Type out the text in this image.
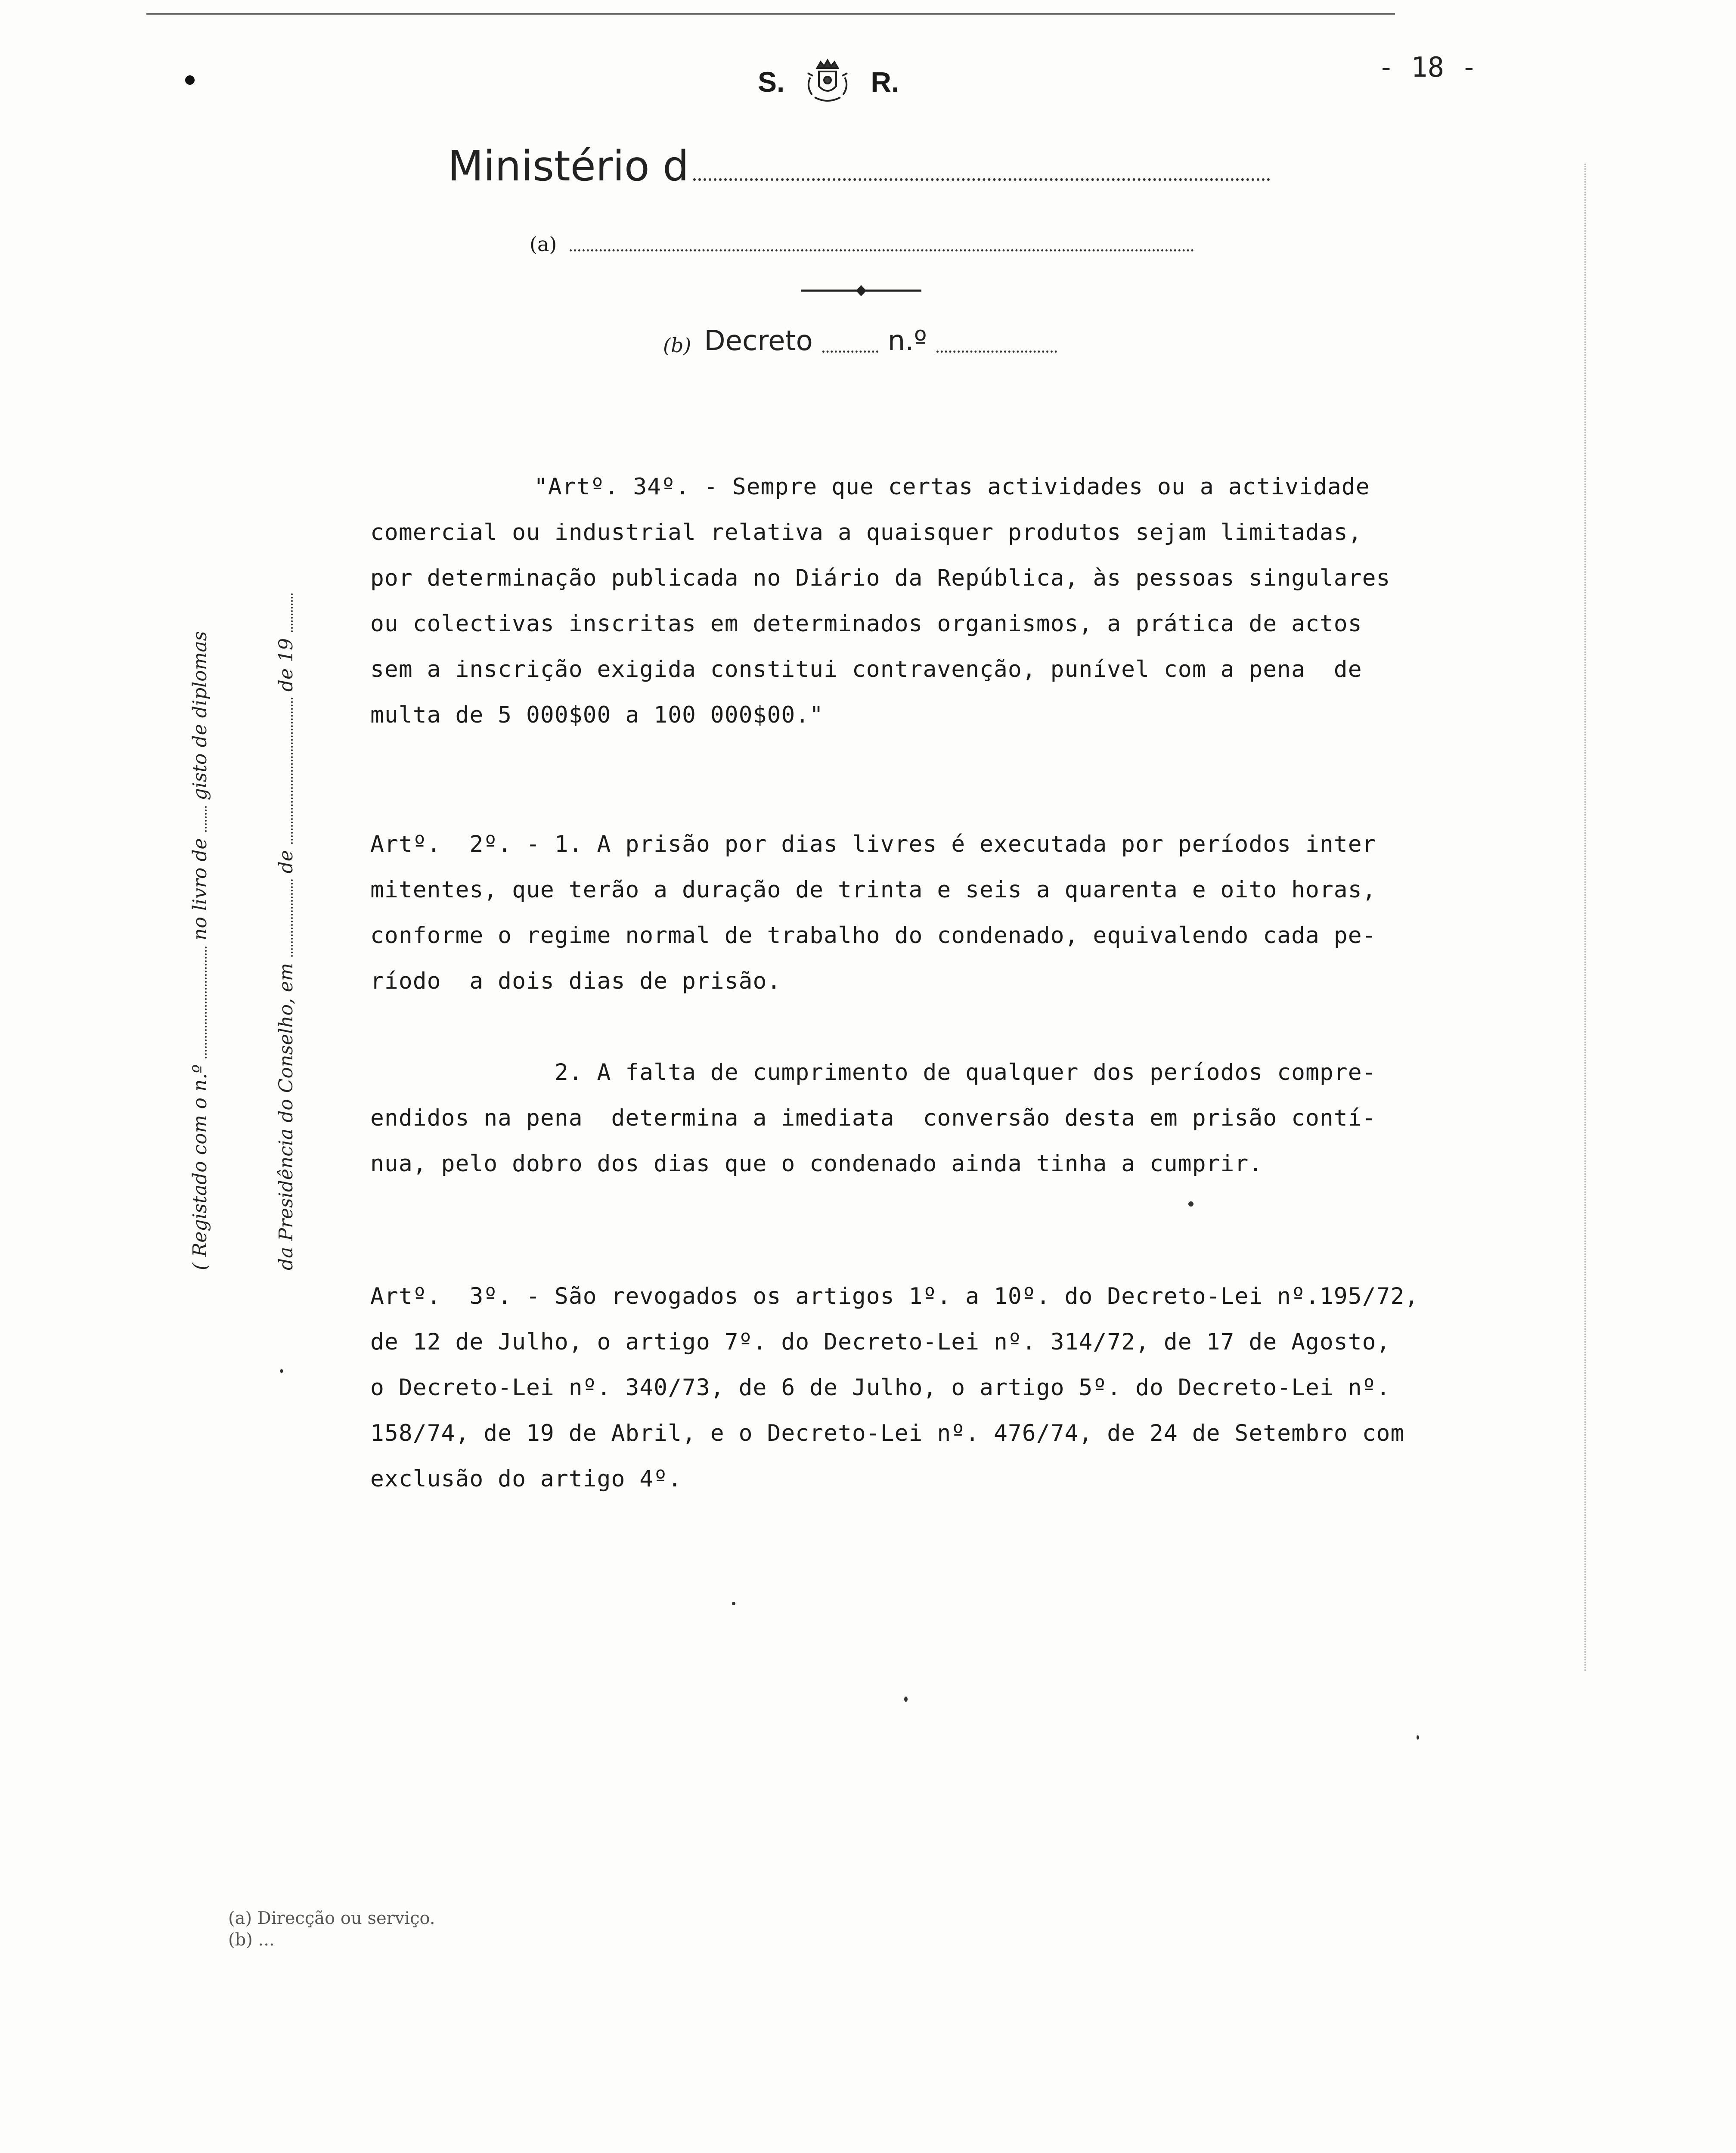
S.	R.	- 18 -
Ministério d
(a)
(b) Decreto	n.º
( Registado com o n.º
no livro de
gisto de diplomas
da Presidência do Conselho, em
de
de 19
"Artº. 34º. - Sempre que certas actividades ou a actividade
comercial ou industrial relativa a quaisquer produtos sejam limitadas,
por determinação publicada no Diário da República, às pessoas singulares
ou colectivas inscritas em determinados organismos, a prática de actos
sem a inscrição exigida constitui contravenção, punível com a pena  de
multa de 5 000$00 a 100 000$00."
Artº.  2º. - 1. A prisão por dias livres é executada por períodos inter
mitentes, que terão a duração de trinta e seis a quarenta e oito horas,
conforme o regime normal de trabalho do condenado, equivalendo cada pe-
ríodo  a dois dias de prisão.
2. A falta de cumprimento de qualquer dos períodos compre-
endidos na pena  determina a imediata  conversão desta em prisão contí-
nua, pelo dobro dos dias que o condenado ainda tinha a cumprir.
Artº.  3º. - São revogados os artigos 1º. a 10º. do Decreto-Lei nº.195/72,
de 12 de Julho, o artigo 7º. do Decreto-Lei nº. 314/72, de 17 de Agosto,
o Decreto-Lei nº. 340/73, de 6 de Julho, o artigo 5º. do Decreto-Lei nº.
158/74, de 19 de Abril, e o Decreto-Lei nº. 476/74, de 24 de Setembro com
exclusão do artigo 4º.
(a) Direcção ou serviço.
(b) ...
